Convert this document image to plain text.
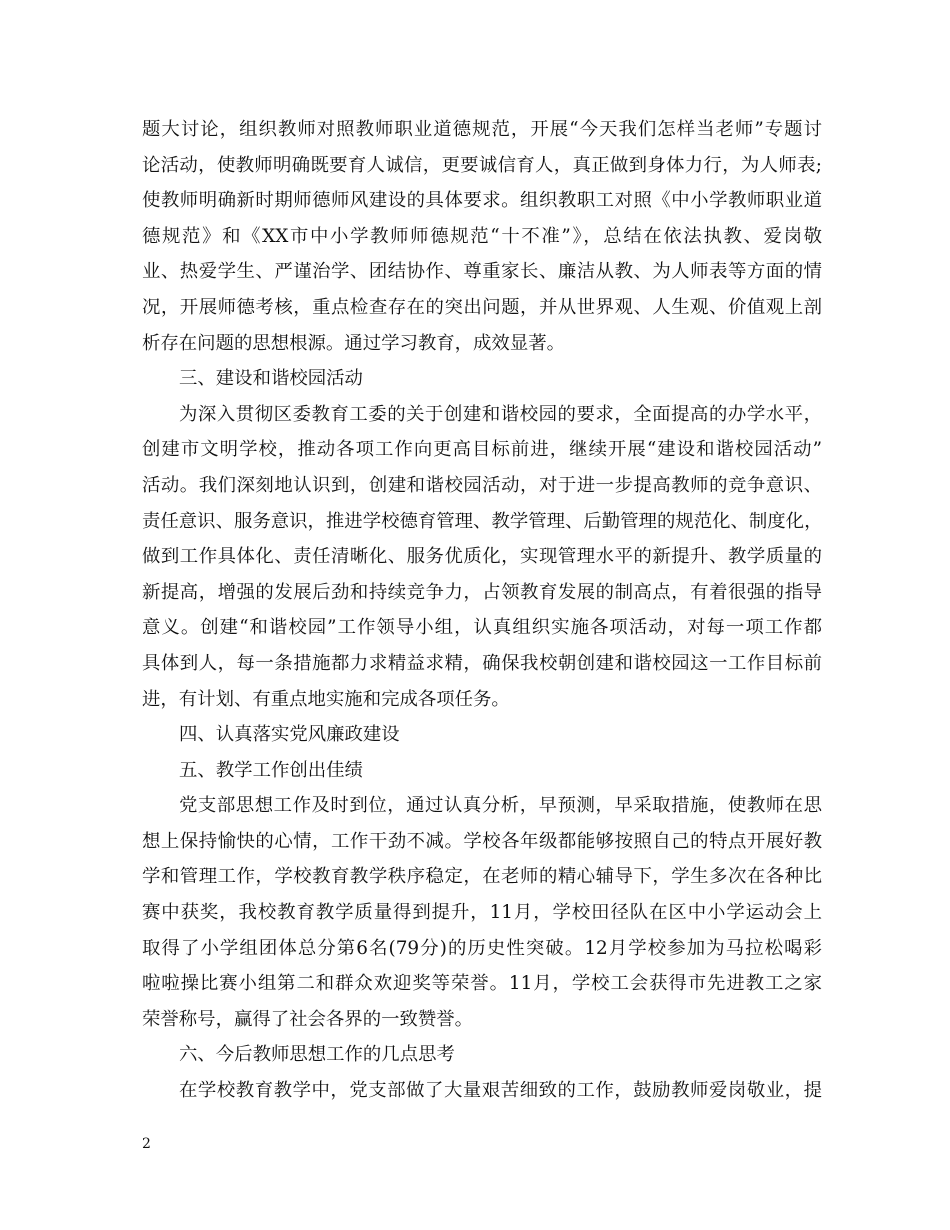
题大讨论，组织教师对照教师职业道德规范，开展“今天我们怎样当老师”专题讨
论活动，使教师明确既要育人诚信，更要诚信育人，真正做到身体力行，为人师表;
使教师明确新时期师德师风建设的具体要求。组织教职工对照《中小学教师职业道
德规范》和《XX市中小学教师师德规范“十不准”》，总结在依法执教、爱岗敬
业、热爱学生、严谨治学、团结协作、尊重家长、廉洁从教、为人师表等方面的情
况，开展师德考核，重点检查存在的突出问题，并从世界观、人生观、价值观上剖
析存在问题的思想根源。通过学习教育，成效显著。
三、建设和谐校园活动
为深入贯彻区委教育工委的关于创建和谐校园的要求，全面提高的办学水平，
创建市文明学校，推动各项工作向更高目标前进，继续开展“建设和谐校园活动”
活动。我们深刻地认识到，创建和谐校园活动，对于进一步提高教师的竞争意识、
责任意识、服务意识，推进学校德育管理、教学管理、后勤管理的规范化、制度化，
做到工作具体化、责任清晰化、服务优质化，实现管理水平的新提升、教学质量的
新提高，增强的发展后劲和持续竞争力，占领教育发展的制高点，有着很强的指导
意义。创建“和谐校园”工作领导小组，认真组织实施各项活动，对每一项工作都
具体到人，每一条措施都力求精益求精，确保我校朝创建和谐校园这一工作目标前
进，有计划、有重点地实施和完成各项任务。
四、认真落实党风廉政建设
五、教学工作创出佳绩
党支部思想工作及时到位，通过认真分析，早预测，早采取措施，使教师在思
想上保持愉快的心情，工作干劲不减。学校各年级都能够按照自己的特点开展好教
学和管理工作，学校教育教学秩序稳定，在老师的精心辅导下，学生多次在各种比
赛中获奖，我校教育教学质量得到提升，11月，学校田径队在区中小学运动会上
取得了小学组团体总分第6名(79分)的历史性突破。12月学校参加为马拉松喝彩
啦啦操比赛小组第二和群众欢迎奖等荣誉。11月，学校工会获得市先进教工之家
荣誉称号，赢得了社会各界的一致赞誉。
六、今后教师思想工作的几点思考
在学校教育教学中，党支部做了大量艰苦细致的工作，鼓励教师爱岗敬业，提
2
